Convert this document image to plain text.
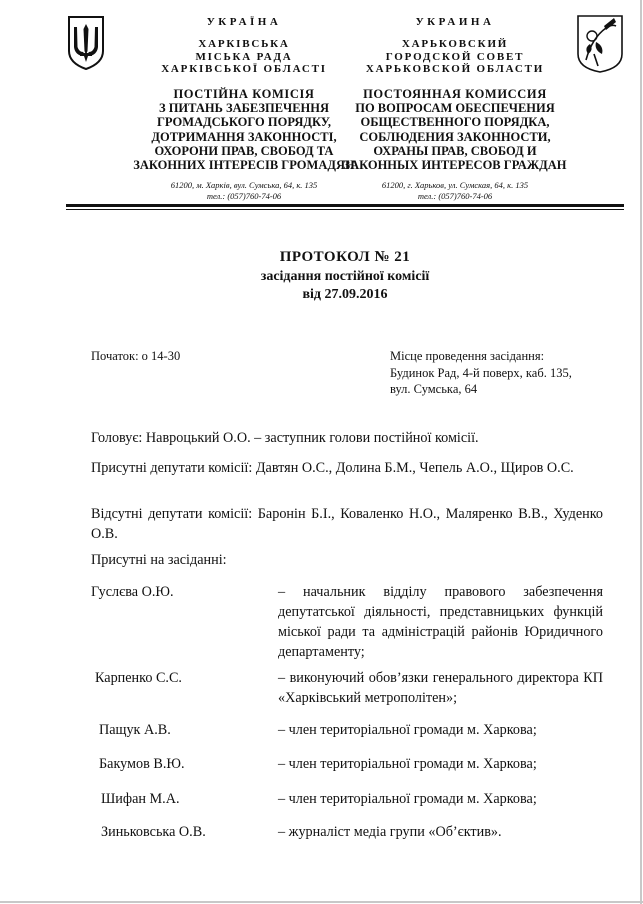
УКРАЇНА
ХАРКІВСЬКА
МІСЬКА РАДА
ХАРКІВСЬКОЇ ОБЛАСТІ
ПОСТІЙНА КОМІСІЯ
З ПИТАНЬ ЗАБЕЗПЕЧЕННЯ
ГРОМАДСЬКОГО ПОРЯДКУ,
ДОТРИМАННЯ ЗАКОННОСТІ,
ОХОРОНИ ПРАВ, СВОБОД ТА
ЗАКОННИХ ІНТЕРЕСІВ ГРОМАДЯН
61200, м. Харків, вул. Сумська, 64, к. 135
тел.: (057)760-74-06
УКРАИНА
ХАРЬКОВСКИЙ
ГОРОДСКОЙ СОВЕТ
ХАРЬКОВСКОЙ ОБЛАСТИ
ПОСТОЯННАЯ КОМИССИЯ
ПО ВОПРОСАМ ОБЕСПЕЧЕНИЯ
ОБЩЕСТВЕННОГО ПОРЯДКА,
СОБЛЮДЕНИЯ ЗАКОННОСТИ,
ОХРАНЫ ПРАВ, СВОБОД И
ЗАКОННЫХ ИНТЕРЕСОВ ГРАЖДАН
61200, г. Харьков, ул. Сумская, 64, к. 135
тел.: (057)760-74-06
ПРОТОКОЛ № 21
засідання постійної комісії
від 27.09.2016
Початок: о 14-30	Місце проведення засідання:
Будинок Рад, 4-й поверх, каб. 135,
вул. Сумська, 64
Головує: Навроцький О.О. – заступник голови постійної комісії.
Присутні депутати комісії: Давтян О.С., Долина Б.М., Чепель А.О., Щиров О.С.
Відсутні депутати комісії: Баронін Б.І., Коваленко Н.О., Маляренко В.В., Худенко О.В.
Присутні на засіданні:
Гуслєва О.Ю.	– начальник відділу правового забезпечення депутатської діяльності, представницьких функцій міської ради та адміністрацій районів Юридичного департаменту;
Карпенко С.С.	– виконуючий обов’язки генерального директора КП «Харківський метрополітен»;
Пащук А.В.	– член територіальної громади м. Харкова;
Бакумов В.Ю.	– член територіальної громади м. Харкова;
Шифан М.А.	– член територіальної громади м. Харкова;
Зиньковська О.В.	– журналіст медіа групи «Об’єктив».
